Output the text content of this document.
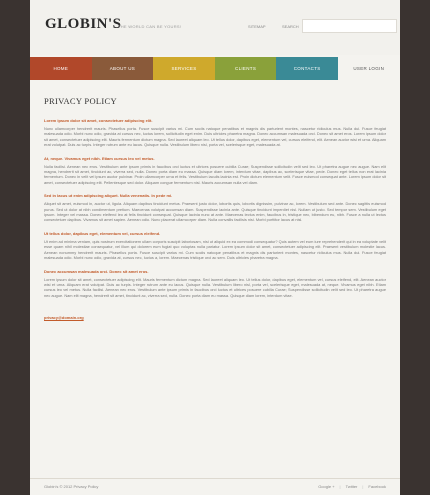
GLOBIN'S
THE WORLD CAN BE YOURS!	SITEMAP	SEARCH
HOME	ABOUT US	SERVICES	CLIENTS	CONTACTS	USER LOGIN
PRIVACY POLICY
Lorem ipsum dolor sit amet, consectetuer adipiscing elit.
Nunc ullamcorper hendrerit mauris. Phasellus porta. Fusce suscipit varius mi. Cum sociis natoque penatibus et magnis dis parturient montes, nascetur ridiculus mus. Nulla dui. Fusce feugiat malesuada odio. Morbi nunc odio, gravida at cursus nec, luctus lorem, sollicitudin eget enim. Duis ultricies pharetra magna. Donec accumsan malesuada orci. Donec sit amet eros. Lorem ipsum dolor sit amet, consectetuer adipiscing elit. Mauris fermentum dictum magna. Sed laoreet aliquam leo. Ut tellus dolor, dapibus eget, elementum vel, cursus eleifend, elit. Aenean auctor wisi et urna. Aliquam erat volutpat. Duis ac turpis. Integer rutrum ante eu lacus. Quisque nulla. Vestibulum libero nisl, porta vel, scelerisque eget, malesuada at.
At, neque. Vivamus eget nibh. Etiam cursus leo vel metus.
Nulla facilisi. Aenean nec eros. Vestibulum ante ipsum primis in faucibus orci luctus et ultrices posuere cubilia Curae; Suspendisse sollicitudin velit sed leo. Ut pharetra augue nec augue. Nam elit magna, hendrerit sit amet, tincidunt ac, viverra sed, nulla. Donec porta diam eu massa. Quisque diam lorem, interdum vitae, dapibus ac, scelerisque vitae, pede. Donec eget tellus non erat lacinia fermentum. Donec in velit vel ipsum auctor pulvinar. Proin ullamcorper urna et felis. Vestibulum iaculis lacinia est. Proin dictum elementum velit. Fusce euismod consequat ante. Lorem ipsum dolor sit amet, consectetuer adipiscing elit. Pellentesque sed dolor. Aliquam congue fermentum nisl. Mauris accumsan nulla vel diam.
Sed in lacus ut enim adipiscing aliquet. Nulla venenatis. In pede mi.
Aliquet sit amet, euismod in, auctor ut, ligula. Aliquam dapibus tincidunt metus. Praesent justo dolor, lobortis quis, lobortis dignissim, pulvinar ac, lorem. Vestibulum sed ante. Donec sagittis euismod purus. Sed ut dolor at nibh condimentum pretium. Maecenas volutpat accumsan diam. Suspendisse lacinia ante. Quisque tincidunt imperdiet nisl. Nullam ut justo. Sed tempor sem. Vestibulum eget ipsum. Integer vel massa. Donec eleifend leo at felis tincidunt consequat. Quisque lacinia nunc at ante. Maecenas lectus enim, faucibus in, tristique nec, bibendum eu, nibh. Fusce a nulla ut lectus consectetuer dapibus. Vivamus sit amet sapien. Aenean odio. Nunc placerat ullamcorper diam. Nulla convallis facilisis nisi. Morbi porttitor lacus at nisl.
Ut tellus dolor, dapibus eget, elementum vel, cursus eleifend.
Ut enim ad minima veniam, quis nostrum exercitationem ullam corporis suscipit laboriosam, nisi ut aliquid ex ea commodi consequatur? Quis autem vel eum iure reprehenderit qui in ea voluptate velit esse quam nihil molestiae consequatur, vel illum qui dolorem eum fugiat quo voluptas nulla pariatur. Lorem ipsum dolor sit amet, consectetuer adipiscing elit. Praesent vestibulum molestie lacus. Aenean nonummy hendrerit mauris. Phasellus porta. Fusce suscipit varius mi. Cum sociis natoque penatibus et magnis dis parturient montes, nascetur ridiculus mus. Nulla dui. Fusce feugiat malesuada odio. Morbi nunc odio, gravida at, cursus nec, luctus a, lorem. Maecenas tristique orci ac sem. Duis ultricies pharetra magna.
Donec accumsan malesuada orci. Donec sit amet eros.
Lorem ipsum dolor sit amet, consectetuer adipiscing elit. Mauris fermentum dictum magna. Sed laoreet aliquam leo. Ut tellus dolor, dapibus eget, elementum vel, cursus eleifend, elit. Aenean auctor wisi et urna. Aliquam erat volutpat. Duis ac turpis. Integer rutrum ante eu lacus. Quisque nulla. Vestibulum libero nisl, porta vel, scelerisque eget, malesuada at, neque. Vivamus eget nibh. Etiam cursus leo vel metus. Nulla facilisi. Aenean nec eros. Vestibulum ante ipsum primis in faucibus orci luctus et ultrices posuere cubilia Curae; Suspendisse sollicitudin velit sed leo. Ut pharetra augue nec augue. Nam elit magna, hendrerit sit amet, tincidunt ac, viverra sed, nulla. Donec porta diam eu massa. Quisque diam lorem, interdum vitae.
privacy@domain.org
Globin's © 2012 Privacy Policy	Google + | Twitter | Facebook
